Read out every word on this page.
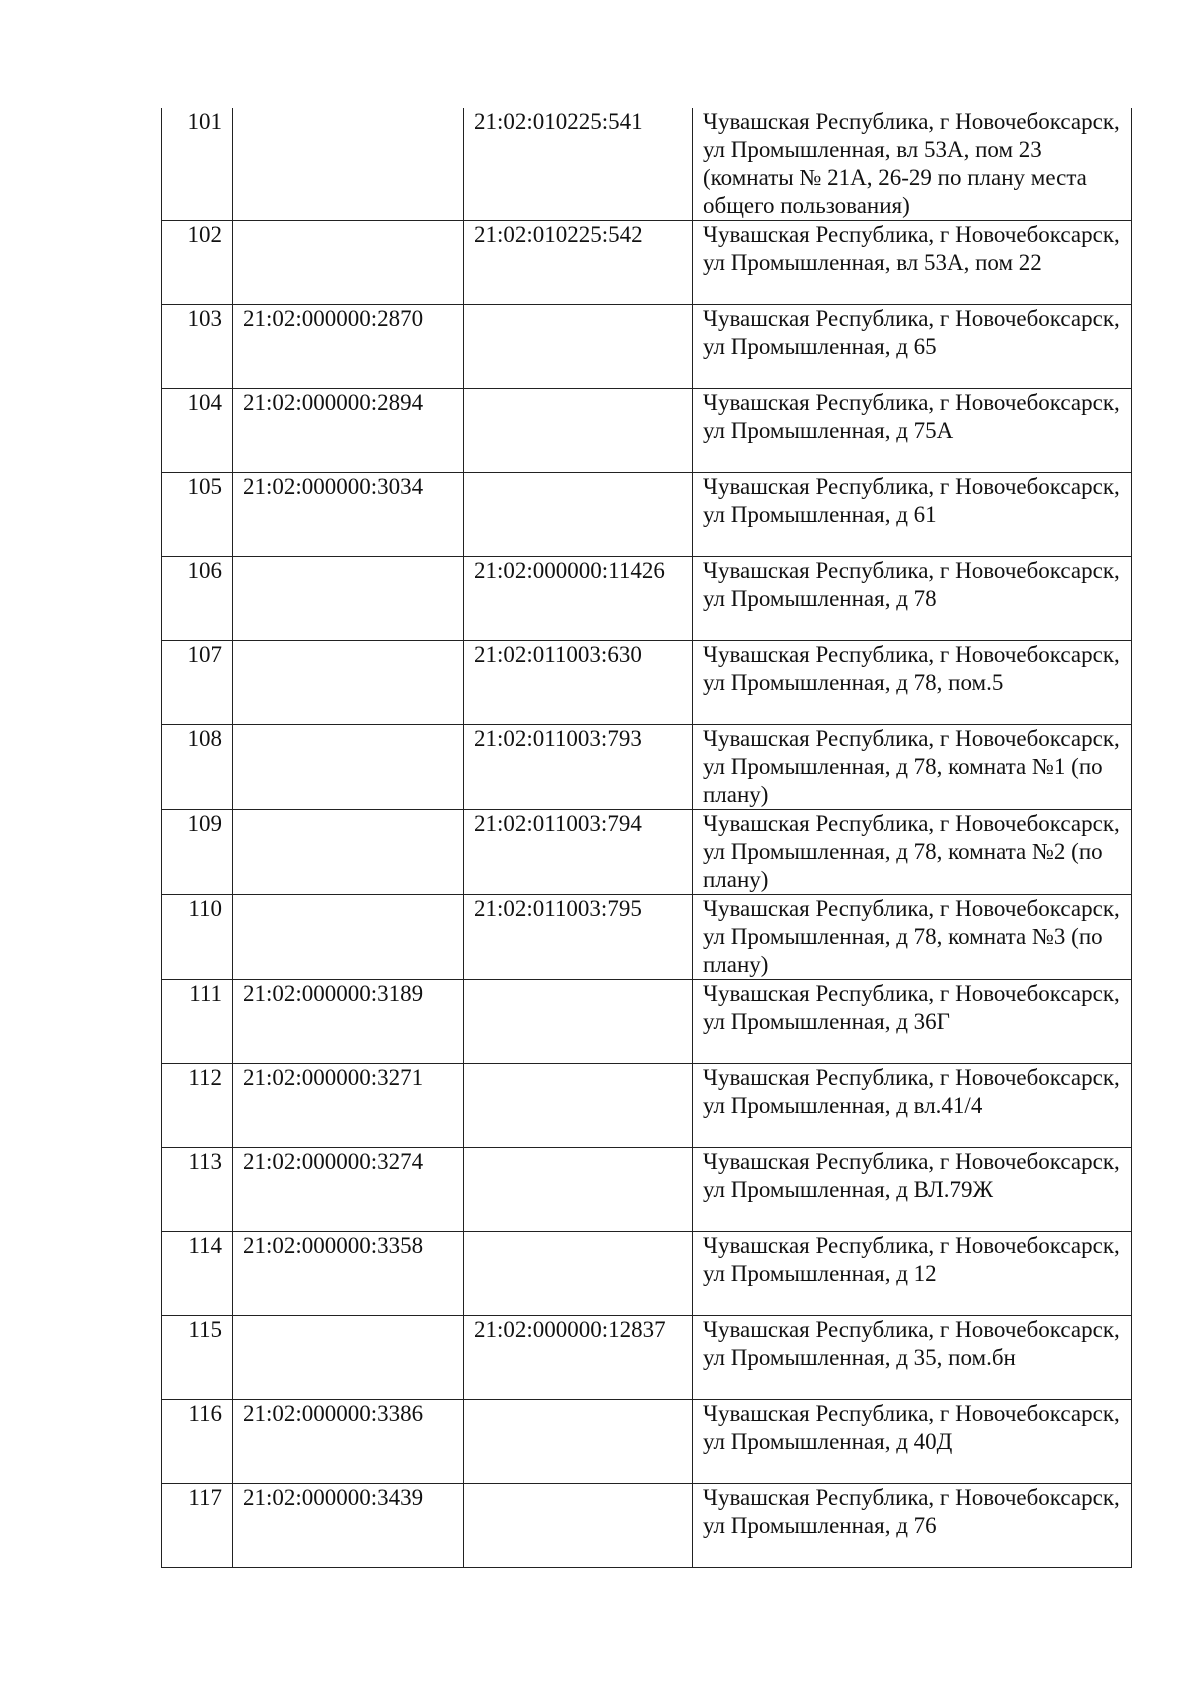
101		21:02:010225:541	Чувашская Республика, г Новочебоксарск, ул Промышленная, вл 53А, пом 23 (комнаты № 21А, 26-29 по плану места общего пользования)
102		21:02:010225:542	Чувашская Республика, г Новочебоксарск, ул Промышленная, вл 53А, пом 22
103	21:02:000000:2870		Чувашская Республика, г Новочебоксарск, ул Промышленная, д 65
104	21:02:000000:2894		Чувашская Республика, г Новочебоксарск, ул Промышленная, д 75А
105	21:02:000000:3034		Чувашская Республика, г Новочебоксарск, ул Промышленная, д 61
106		21:02:000000:11426	Чувашская Республика, г Новочебоксарск, ул Промышленная, д 78
107		21:02:011003:630	Чувашская Республика, г Новочебоксарск, ул Промышленная, д 78, пом.5
108		21:02:011003:793	Чувашская Республика, г Новочебоксарск, ул Промышленная, д 78, комната №1 (по плану)
109		21:02:011003:794	Чувашская Республика, г Новочебоксарск, ул Промышленная, д 78, комната №2 (по плану)
110		21:02:011003:795	Чувашская Республика, г Новочебоксарск, ул Промышленная, д 78, комната №3 (по плану)
111	21:02:000000:3189		Чувашская Республика, г Новочебоксарск, ул Промышленная, д 36Г
112	21:02:000000:3271		Чувашская Республика, г Новочебоксарск, ул Промышленная, д вл.41/4
113	21:02:000000:3274		Чувашская Республика, г Новочебоксарск, ул Промышленная, д ВЛ.79Ж
114	21:02:000000:3358		Чувашская Республика, г Новочебоксарск, ул Промышленная, д 12
115		21:02:000000:12837	Чувашская Республика, г Новочебоксарск, ул Промышленная, д 35, пом.бн
116	21:02:000000:3386		Чувашская Республика, г Новочебоксарск, ул Промышленная, д 40Д
117	21:02:000000:3439		Чувашская Республика, г Новочебоксарск, ул Промышленная, д 76
